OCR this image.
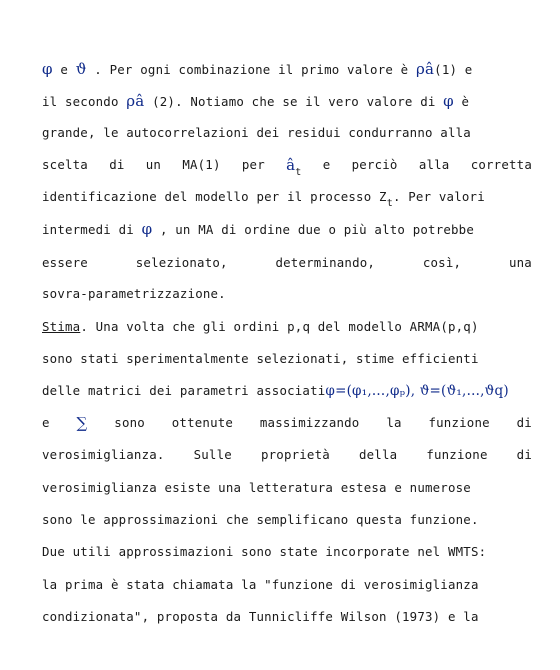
φ e ϑ . Per ogni combinazione il primo valore è ρâ(1) e
il secondo ρâ (2). Notiamo che se il vero valore di φ è
grande, le autocorrelazioni dei residui condurranno alla
scelta di un MA(1) per $â_t$
e perciò alla corretta
identificazione del modello per il processo $Z_t$. Per valori
intermedi di φ , un MA di ordine due o più alto potrebbe
essere	selezionato,	determinando,	così,	una
sovra-parametrizzazione.
Stima. Una volta che gli ordini p,q del modello ARMA(p,q)
sono stati sperimentalmente selezionati, stime efficienti
delle matrici dei parametri associatiφ=(φ₁,…,φₚ), ϑ=(ϑ₁,…,ϑq)
e ∑ sono ottenute massimizzando la funzione di
verosimiglianza. Sulle proprietà della funzione di
verosimiglianza esiste una letteratura estesa e numerose
sono le approssimazioni che semplificano questa funzione.
Due utili approssimazioni sono state incorporate nel WMTS:
la prima è stata chiamata la "funzione di verosimiglianza
condizionata", proposta da Tunnicliffe Wilson (1973) e la
